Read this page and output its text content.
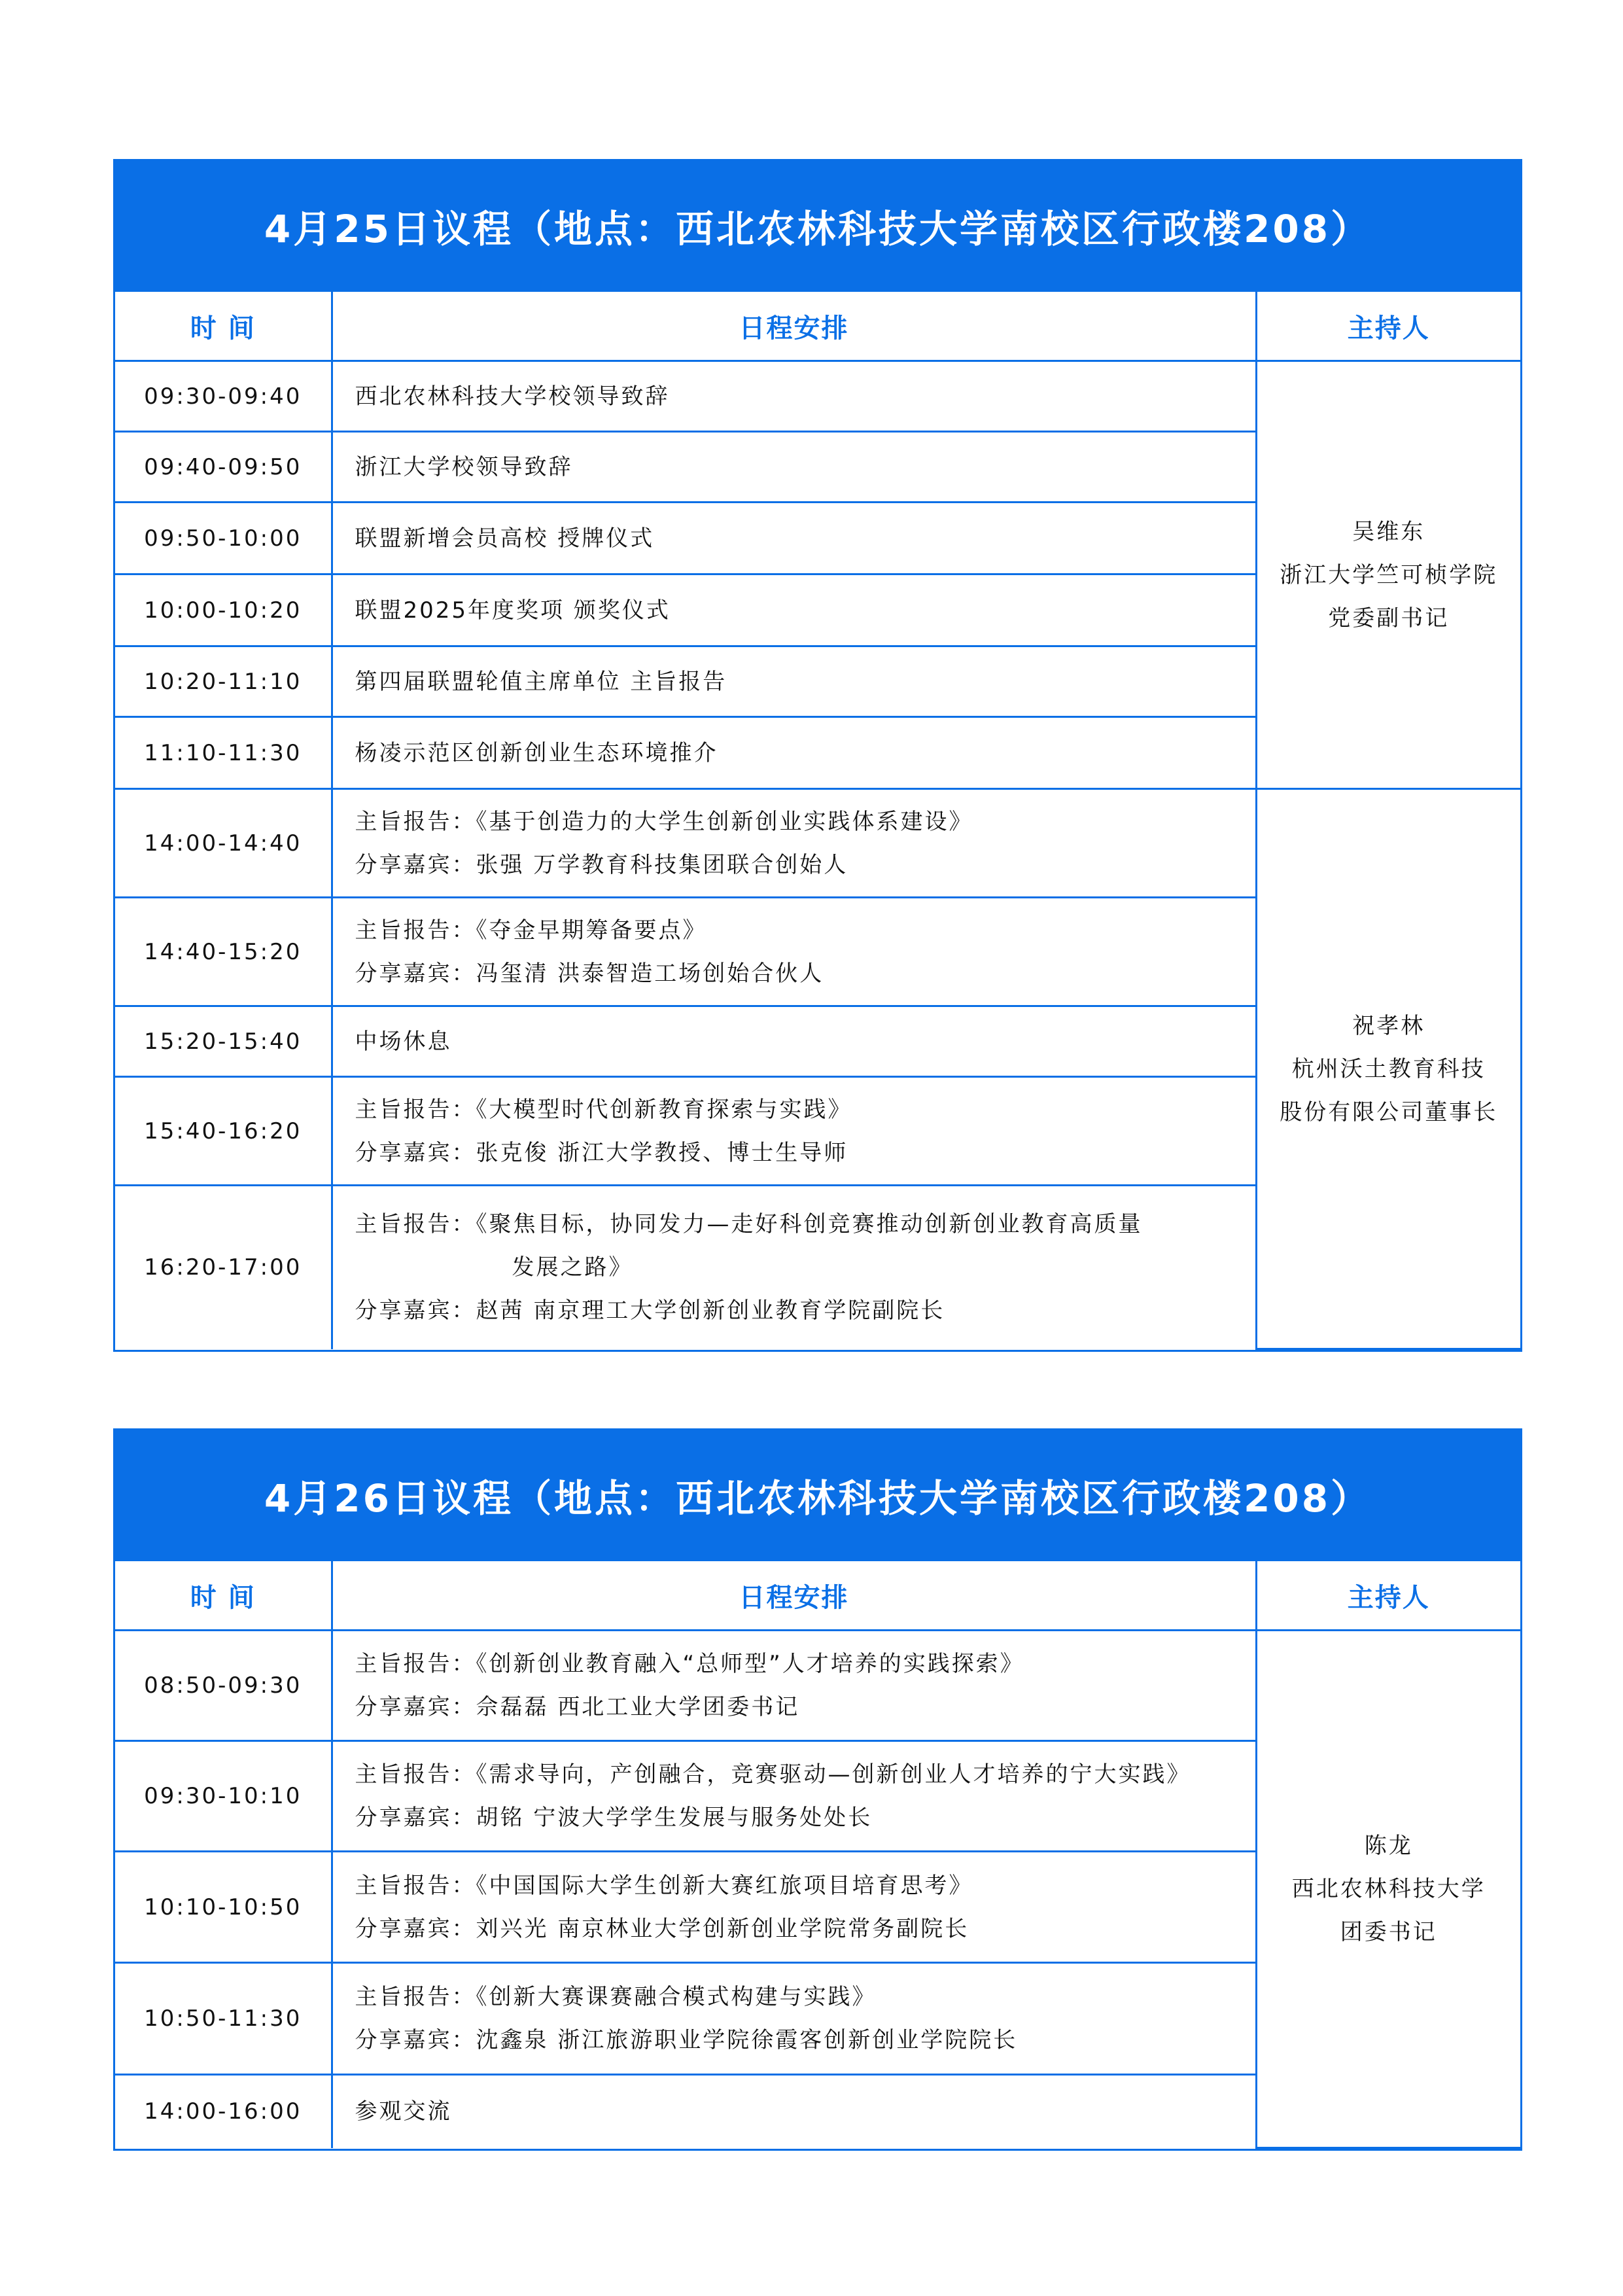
4月25日议程（地点：西北农林科技大学南校区行政楼208）
时 间	日程安排	主持人
09:30-09:40	西北农林科技大学校领导致辞	吴维东
浙江大学竺可桢学院
党委副书记

09:40-09:50	浙江大学校领导致辞	

09:50-10:00	联盟新增会员高校 授牌仪式	

10:00-10:20	联盟2025年度奖项 颁奖仪式	

10:20-11:10	第四届联盟轮值主席单位 主旨报告	

11:10-11:30	杨凌示范区创新创业生态环境推介	

14:00-14:40	主旨报告：《基于创造力的大学生创新创业实践体系建设》
分享嘉宾：张强 万学教育科技集团联合创始人	祝孝林
杭州沃土教育科技
股份有限公司董事长

14:40-15:20	主旨报告：《夺金早期筹备要点》
分享嘉宾：冯玺清 洪泰智造工场创始合伙人	

15:20-15:40	中场休息	

15:40-16:20	主旨报告：《大模型时代创新教育探索与实践》
分享嘉宾：张克俊 浙江大学教授、博士生导师	

16:20-17:00	主旨报告：《聚焦目标，协同发力—走好科创竞赛推动创新创业教育高质量
发展之路》
分享嘉宾：赵茜 南京理工大学创新创业教育学院副院长	
4月26日议程（地点：西北农林科技大学南校区行政楼208）
时 间	日程安排	主持人
08:50-09:30	主旨报告：《创新创业教育融入“总师型”人才培养的实践探索》
分享嘉宾：佘磊磊 西北工业大学团委书记	陈龙
西北农林科技大学
团委书记

09:30-10:10	主旨报告：《需求导向，产创融合，竞赛驱动—创新创业人才培养的宁大实践》
分享嘉宾：胡铭 宁波大学学生发展与服务处处长	

10:10-10:50	主旨报告：《中国国际大学生创新大赛红旅项目培育思考》
分享嘉宾：刘兴光 南京林业大学创新创业学院常务副院长	

10:50-11:30	主旨报告：《创新大赛课赛融合模式构建与实践》
分享嘉宾：沈鑫泉 浙江旅游职业学院徐霞客创新创业学院院长	

14:00-16:00	参观交流	
